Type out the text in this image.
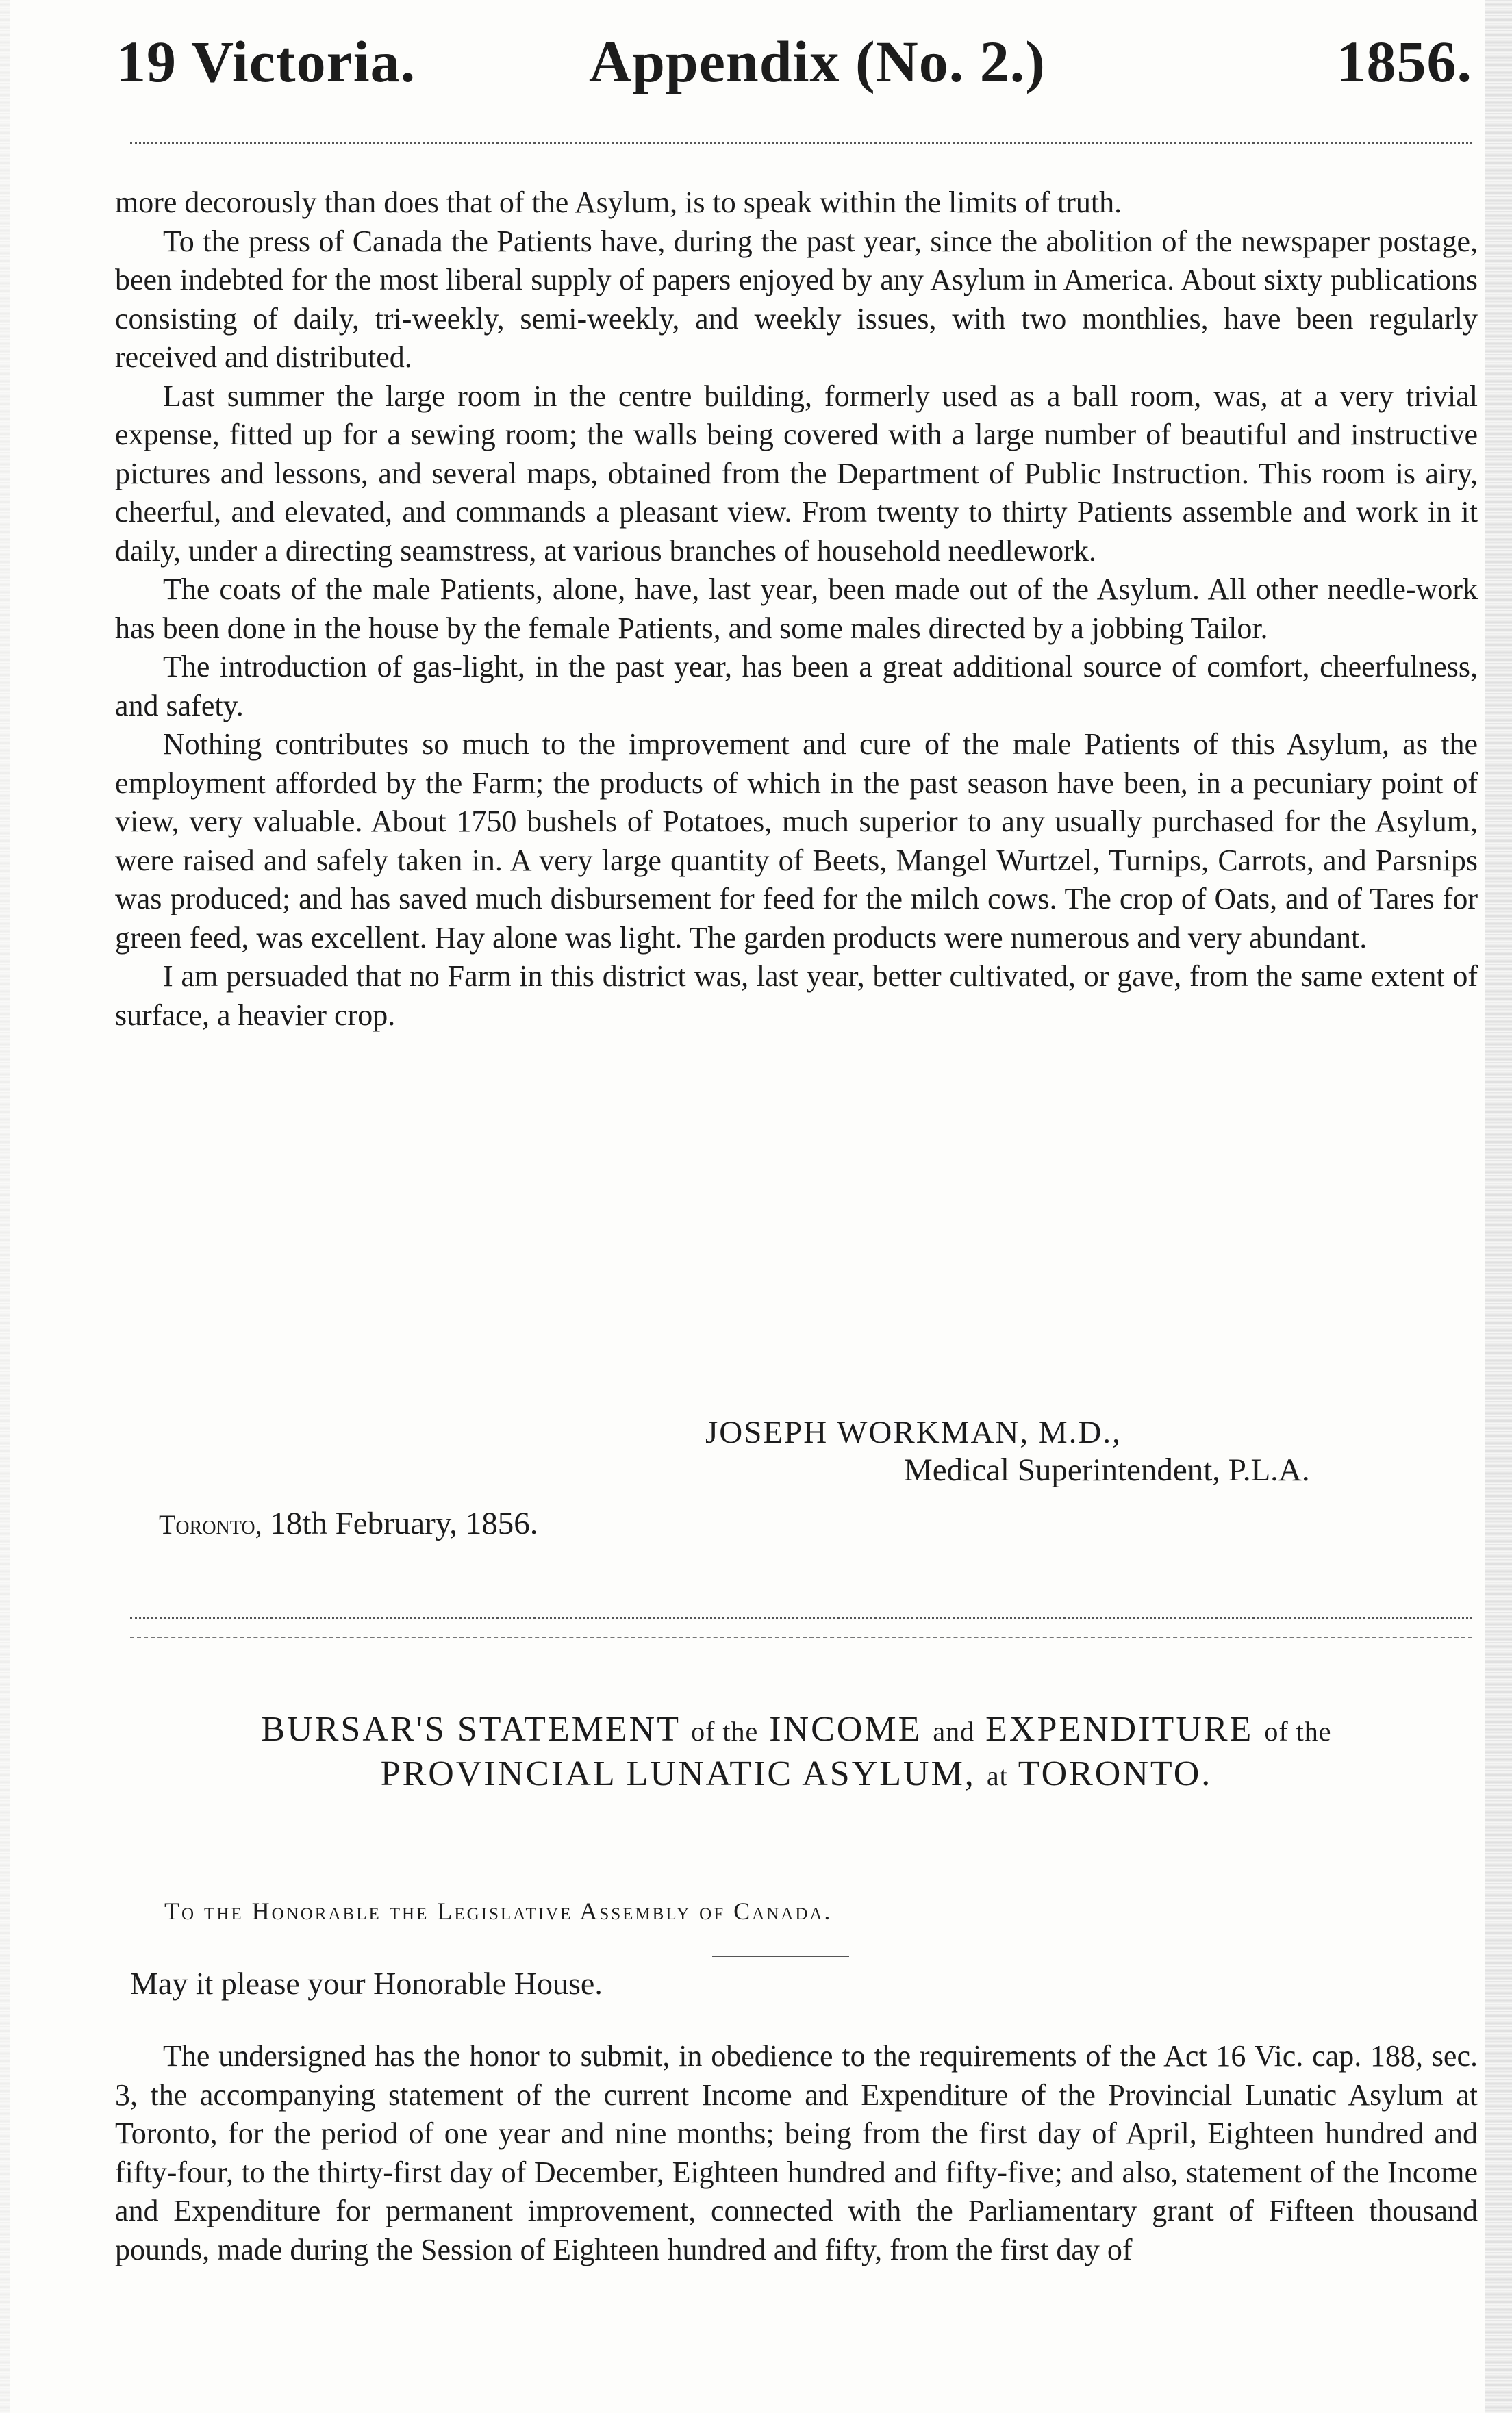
19 Victoria.	Appendix (No. 2.)	1856.

more decorously than does that of the Asylum, is to speak within the limits of truth.

To the press of Canada the Patients have, during the past year, since the abolition of the newspaper postage, been indebted for the most liberal supply of papers enjoyed by any Asylum in America. About sixty publications consisting of daily, tri-weekly, semi-weekly, and weekly issues, with two monthlies, have been regularly received and distributed.

Last summer the large room in the centre building, formerly used as a ball room, was, at a very trivial expense, fitted up for a sewing room; the walls being covered with a large number of beautiful and instructive pictures and lessons, and several maps, obtained from the Department of Public Instruction. This room is airy, cheerful, and elevated, and commands a pleasant view. From twenty to thirty Patients assemble and work in it daily, under a directing seamstress, at various branches of household needlework.

The coats of the male Patients, alone, have, last year, been made out of the Asylum. All other needle-work has been done in the house by the female Patients, and some males directed by a jobbing Tailor.

The introduction of gas-light, in the past year, has been a great additional source of comfort, cheerfulness, and safety.

Nothing contributes so much to the improvement and cure of the male Patients of this Asylum, as the employment afforded by the Farm; the products of which in the past season have been, in a pecuniary point of view, very valuable. About 1750 bushels of Potatoes, much superior to any usually purchased for the Asylum, were raised and safely taken in. A very large quantity of Beets, Mangel Wurtzel, Turnips, Carrots, and Parsnips was produced; and has saved much disbursement for feed for the milch cows. The crop of Oats, and of Tares for green feed, was excellent. Hay alone was light. The garden products were numerous and very abundant.

I am persuaded that no Farm in this district was, last year, better cultivated, or gave, from the same extent of surface, a heavier crop.

JOSEPH WORKMAN, M.D.,
Medical Superintendent, P.L.A.
Toronto, 18th February, 1856.
BURSAR'S STATEMENT of the INCOME and EXPENDITURE of the
PROVINCIAL LUNATIC ASYLUM, at TORONTO.
To the Honorable the Legislative Assembly of Canada.
May it please your Honorable House.

The undersigned has the honor to submit, in obedience to the requirements of the Act 16 Vic. cap. 188, sec. 3, the accompanying statement of the current Income and Expenditure of the Provincial Lunatic Asylum at Toronto, for the period of one year and nine months; being from the first day of April, Eighteen hundred and fifty-four, to the thirty-first day of December, Eighteen hundred and fifty-five; and also, statement of the Income and Expenditure for permanent improvement, connected with the Parliamentary grant of Fifteen thousand pounds, made during the Session of Eighteen hundred and fifty, from the first day of
